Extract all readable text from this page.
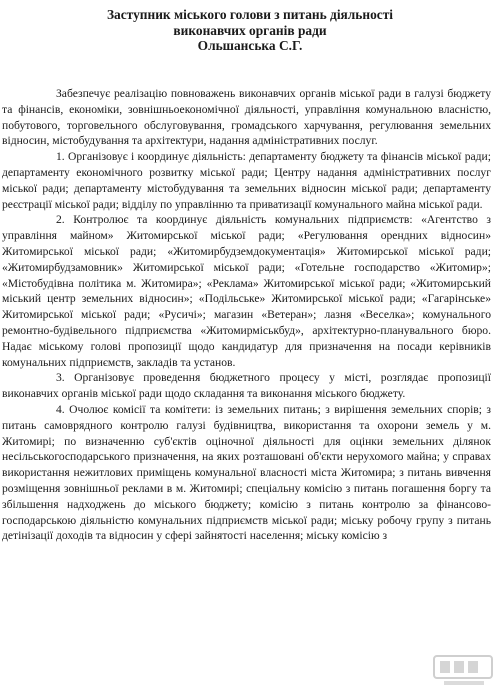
Заступник міського голови з питань діяльності
виконавчих органів ради
Ольшанська С.Г.

Забезпечує реалізацію повноважень виконавчих органів міської ради в галузі бюджету та фінансів, економіки, зовнішньоекономічної діяльності, управління комунальною власністю, побутового, торговельного обслуговування, громадського харчування, регулювання земельних відносин, містобудування та архітектури, надання адміністративних послуг.

1. Організовує і координує діяльність: департаменту бюджету та фінансів міської ради; департаменту економічного розвитку міської ради; Центру надання адміністративних послуг міської ради; департаменту містобудування та земельних відносин міської ради; департаменту реєстрації міської ради; відділу по управлінню та приватизації комунального майна міської ради.

2. Контролює та координує діяльність комунальних підприємств: «Агентство з управління майном» Житомирської міської ради; «Регулювання орендних відносин» Житомирської міської ради; «Житомирбудземдокументація» Житомирської міської ради; «Житомирбудзамовник» Житомирської міської ради; «Готельне господарство «Житомир»; «Містобудівна політика м. Житомира»; «Реклама» Житомирської міської ради; «Житомирський міський центр земельних відносин»; «Подільське» Житомирської міської ради; «Гагарінське» Житомирської міської ради; «Русичі»; магазин «Ветеран»; лазня «Веселка»; комунального ремонтно-будівельного підприємства «Житомирміськбуд», архітектурно-планувального бюро. Надає міському голові пропозиції щодо кандидатур для призначення на посади керівників комунальних підприємств, закладів та установ.

3. Організовує проведення бюджетного процесу у місті, розглядає пропозиції виконавчих органів міської ради щодо складання та виконання міського бюджету.

4. Очолює комісії та комітети: із земельних питань; з вирішення земельних спорів; з питань самоврядного контролю галузі будівництва, використання та охорони земель у м. Житомирі; по визначенню суб'єктів оціночної діяльності для оцінки земельних ділянок несільськогосподарського призначення, на яких розташовані об'єкти нерухомого майна; у справах використання нежитлових приміщень комунальної власності міста Житомира; з питань вивчення розміщення зовнішньої реклами в м. Житомирі; спеціальну комісію з питань погашення боргу та збільшення надходжень до міського бюджету; комісію з питань контролю за фінансово-господарською діяльністю комунальних підприємств міської ради; міську робочу групу з питань детінізації доходів та відносин у сфері зайнятості населення; міську комісію з
